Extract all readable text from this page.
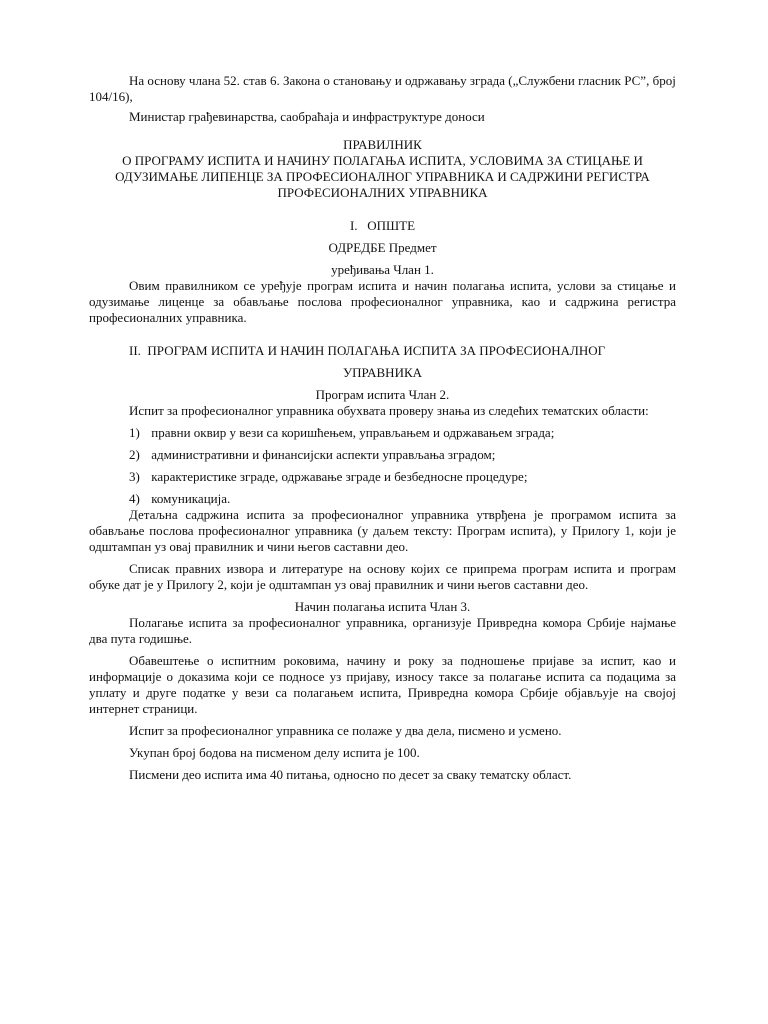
На основу члана 52. став 6. Закона о становању и одржавању зграда („Службени гласник РС”, број 104/16),

Министар грађевинарства, саобраћаја и инфраструктуре доноси

ПРАВИЛНИК

О ПРОГРАМУ ИСПИТА И НАЧИНУ ПОЛАГАЊА ИСПИТА, УСЛОВИМА ЗА СТИЦАЊЕ И

ОДУЗИМАЊЕ ЛИПЕНЦЕ ЗА ПРОФЕСИОНАЛНОГ УПРАВНИКА И САДРЖИНИ РЕГИСТРА

ПРОФЕСИОНАЛНИХ УПРАВНИКА

I. ОПШТЕ

ОДРЕДБЕ Предмет

уређивања Члан 1.

Овим правилником се уређује програм испита и начин полагања испита, услови за стицање и одузимање лиценце за обављање послова професионалног управника, као и садржина регистра професионалних управника.

II. ПРОГРАМ ИСПИТА И НАЧИН ПОЛАГАЊА ИСПИТА ЗА ПРОФЕСИОНАЛНОГ

УПРАВНИКА

Програм испита Члан 2.

Испит за професионалног управника обухвата проверу знања из следећих тематских области:

1) правни оквир у вези са коришћењем, управљањем и одржавањем зграда;
2) административни и финансијски аспекти управљања зградом;
3) карактеристике зграде, одржавање зграде и безбедносне процедуре;
4) комуникација.

Детаљна садржина испита за професионалног управника утврђена је програмом испита за обављање послова професионалног управника (у даљем тексту: Програм испита), у Прилогу 1, који је одштампан уз овај правилник и чини његов саставни део.

Списак правних извора и литературе на основу којих се припрема програм испита и програм обуке дат је у Прилогу 2, који је одштампан уз овај правилник и чини његов саставни део.

Начин полагања испита Члан 3.

Полагање испита за професионалног управника, организује Привредна комора Србије најмање два пута годишње.

Обавештење о испитним роковима, начину и року за подношење пријаве за испит, као и информације о доказима који се подносе уз пријаву, износу таксе за полагање испита са подацима за уплату и друге податке у вези са полагањем испита, Привредна комора Србије објављује на својој интернет страници.

Испит за професионалног управника се полаже у два дела, писмено и усмено.

Укупан број бодова на писменом делу испита је 100.

Писмени део испита има 40 питања, односно по десет за сваку тематску област.
